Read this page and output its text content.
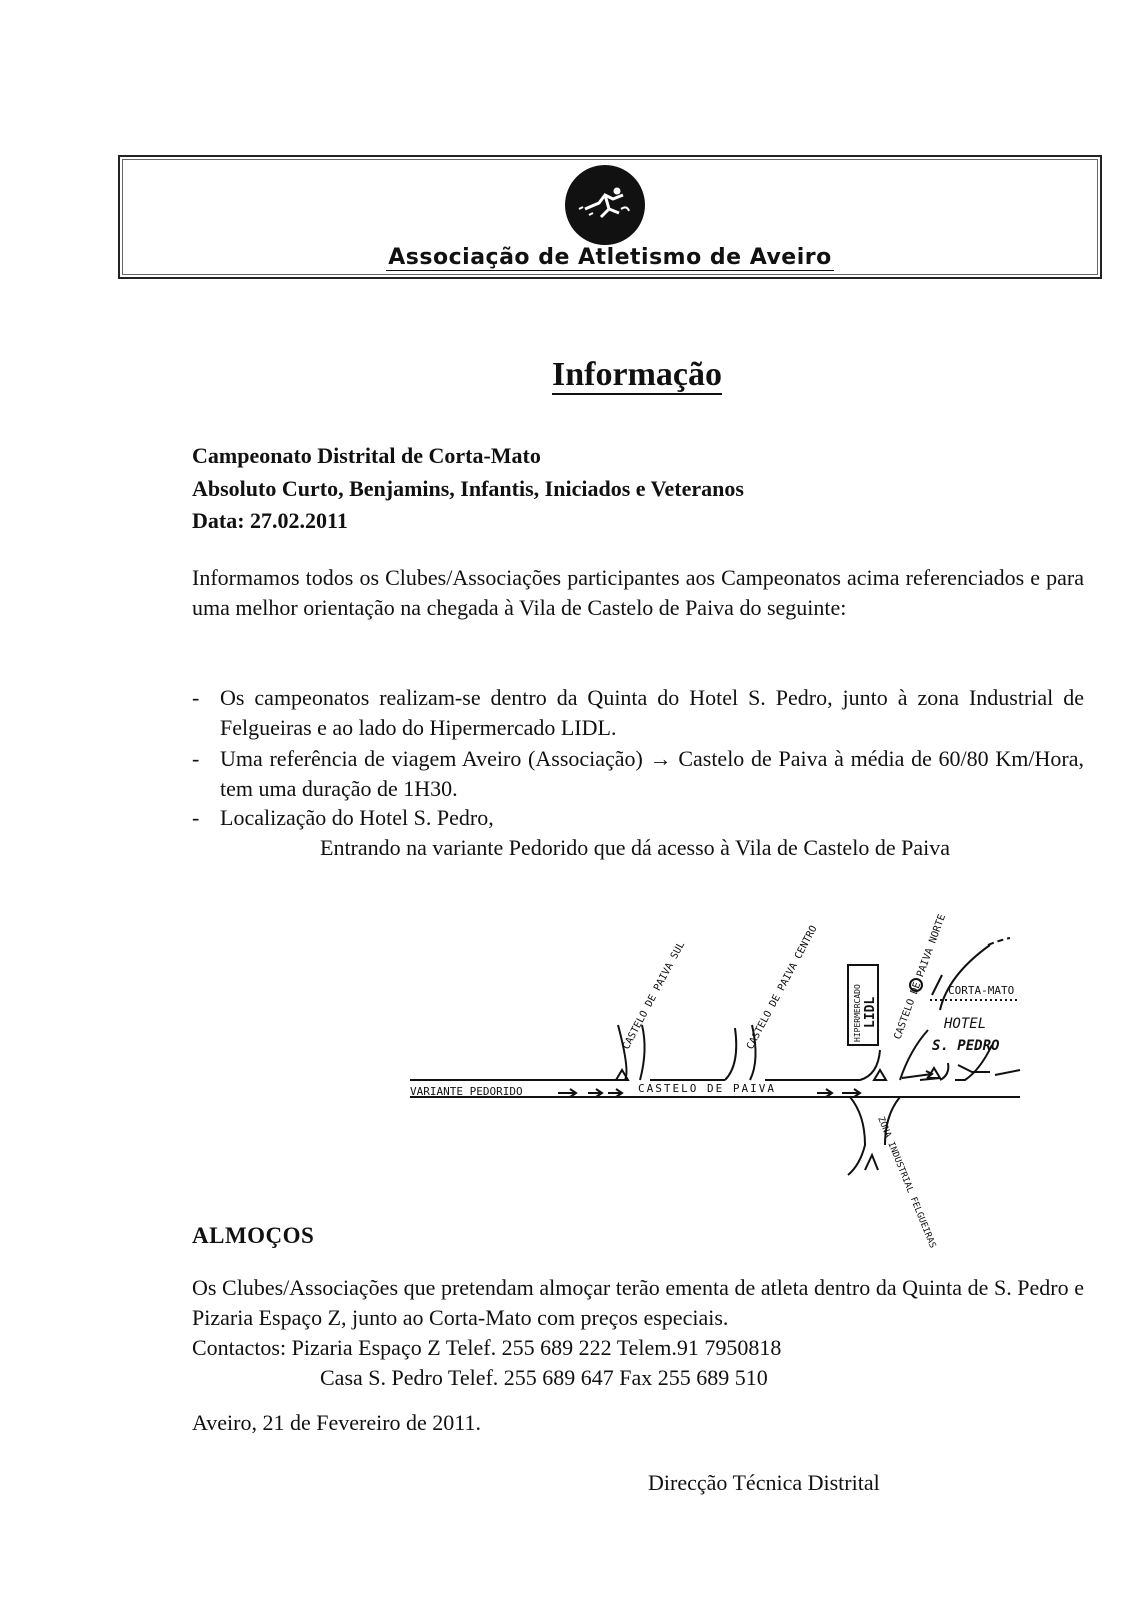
Associação de Atletismo de Aveiro
Informação
Campeonato Distrital de Corta-Mato
Absoluto Curto, Benjamins, Infantis, Iniciados e Veteranos
Data: 27.02.2011
Informamos todos os Clubes/Associações participantes aos Campeonatos acima referenciados e para uma melhor orientação na chegada à Vila de Castelo de Paiva do seguinte:
- Os campeonatos realizam-se dentro da Quinta do Hotel S. Pedro, junto à zona Industrial de Felgueiras e ao lado do Hipermercado LIDL.
- Uma referência de viagem Aveiro (Associação) → Castelo de Paiva à média de 60/80 Km/Hora, tem uma duração de 1H30.
- Localização do Hotel S. Pedro,
Entrando na variante Pedorido que dá acesso à Vila de Castelo de Paiva
VARIANTE PEDORIDO	CASTELO DE PAIVA
CASTELO DE PAIVA SUL	CASTELO DE PAIVA CENTRO	CASTELO DE PAIVA NORTE
HIPERMERCADO LIDL
CORTA-MATO
HOTEL
S. PEDRO
ZONA INDUSTRIAL FELGUEIRAS
ALMOÇOS
Os Clubes/Associações que pretendam almoçar terão ementa de atleta dentro da Quinta de S. Pedro e Pizaria Espaço Z, junto ao Corta-Mato com preços especiais.
Contactos: Pizaria Espaço Z Telef. 255 689 222 Telem.91 7950818
Casa S. Pedro Telef. 255 689 647 Fax 255 689 510
Aveiro, 21 de Fevereiro de 2011.
Direcção Técnica Distrital
